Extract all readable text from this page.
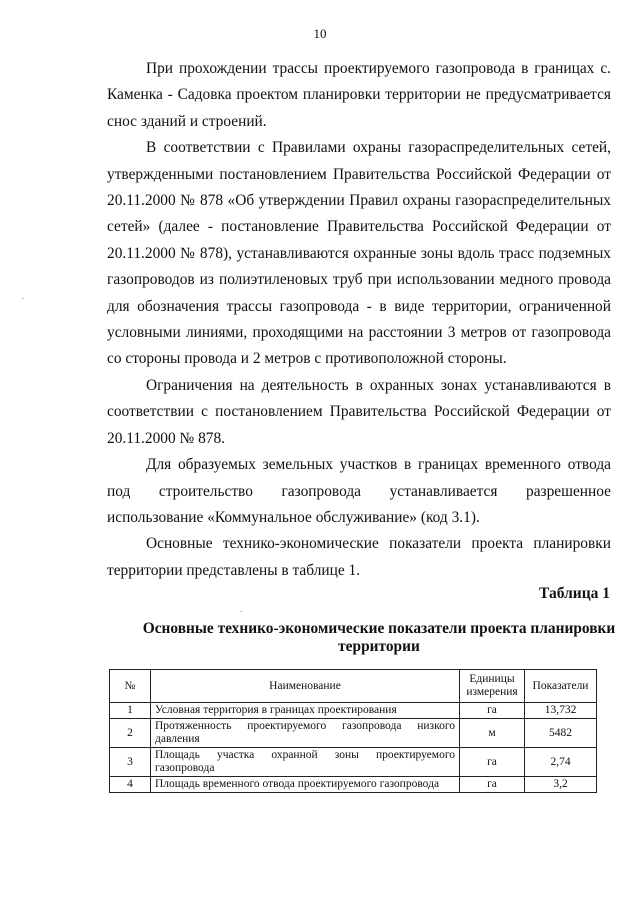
10

При прохождении трассы проектируемого газопровода в границах с. Каменка - Садовка проектом планировки территории не предусматривается снос зданий и строений.

В соответствии с Правилами охраны газораспределительных сетей, утвержденными постановлением Правительства Российской Федерации от 20.11.2000 № 878 «Об утверждении Правил охраны газораспределительных сетей» (далее - постановление Правительства Российской Федерации от 20.11.2000 № 878), устанавливаются охранные зоны вдоль трасс подземных газопроводов из полиэтиленовых труб при использовании медного провода для обозначения трассы газопровода - в виде территории, ограниченной условными линиями, проходящими на расстоянии 3 метров от газопровода со стороны провода и 2 метров с противоположной стороны.

Ограничения на деятельность в охранных зонах устанавливаются в соответствии с постановлением Правительства Российской Федерации от 20.11.2000 № 878.

Для образуемых земельных участков в границах временного отвода под строительство газопровода устанавливается разрешенное использование «Коммунальное обслуживание» (код 3.1).

Основные технико-экономические показатели проекта планировки территории представлены в таблице 1.

Таблица 1
Основные технико-экономические показатели проекта планировки территории
№	Наименование	Единицы измерения	Показатели
1	Условная территория в границах проектирования	га	13,732
2	Протяженность проектируемого газопровода низкого давления	м	5482
3	Площадь участка охранной зоны проектируемого газопровода	га	2,74
4	Площадь временного отвода проектируемого газопровода	га	3,2
